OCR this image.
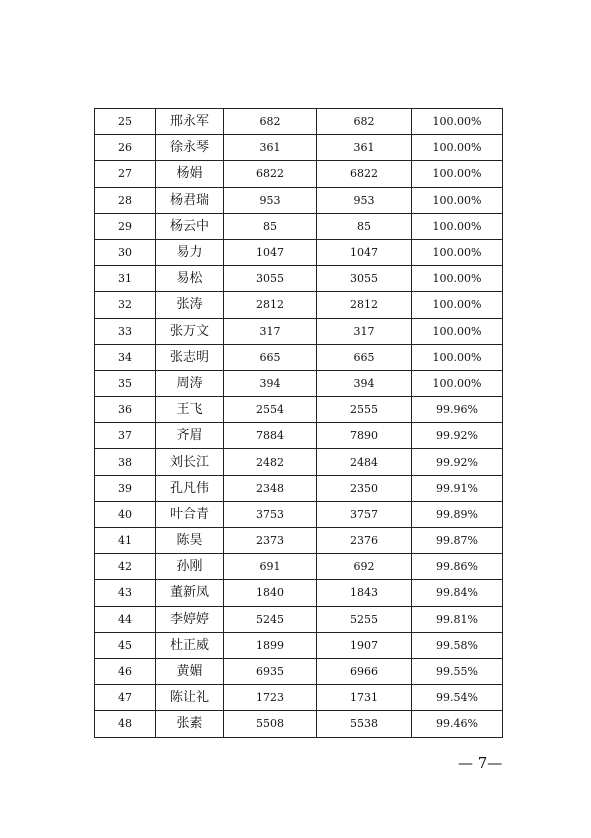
25	邢永军	682	682	100.00%
26	徐永琴	361	361	100.00%
27	杨娟	6822	6822	100.00%
28	杨君瑞	953	953	100.00%
29	杨云中	85	85	100.00%
30	易力	1047	1047	100.00%
31	易松	3055	3055	100.00%
32	张涛	2812	2812	100.00%
33	张万文	317	317	100.00%
34	张志明	665	665	100.00%
35	周涛	394	394	100.00%
36	王飞	2554	2555	99.96%
37	齐眉	7884	7890	99.92%
38	刘长江	2482	2484	99.92%
39	孔凡伟	2348	2350	99.91%
40	叶合青	3753	3757	99.89%
41	陈昊	2373	2376	99.87%
42	孙刚	691	692	99.86%
43	董新凤	1840	1843	99.84%
44	李婷婷	5245	5255	99.81%
45	杜正威	1899	1907	99.58%
46	黄媚	6935	6966	99.55%
47	陈让礼	1723	1731	99.54%
48	张素	5508	5538	99.46%
— 7—
